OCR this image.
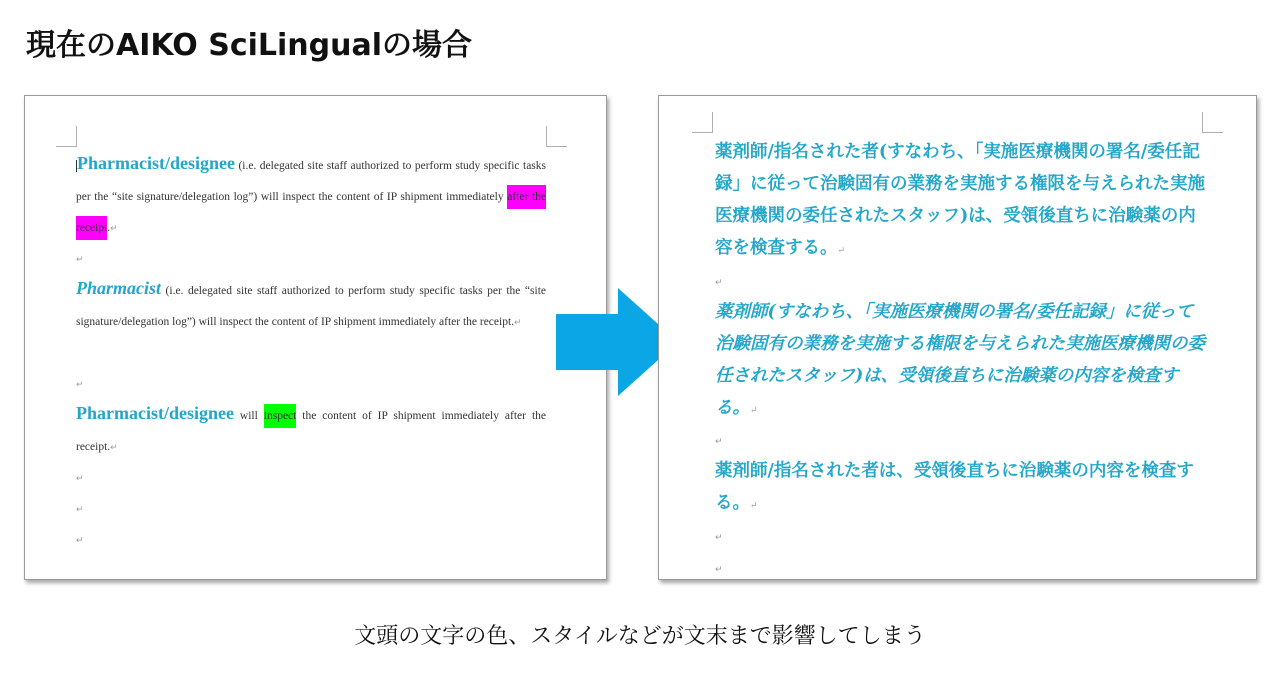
現在のAIKO SciLingualの場合
Pharmacist/designee (i.e. delegated site staff authorized to perform study specific tasks per the “site signature/delegation log”) will inspect the content of IP shipment immediately after the receipt.↵
↵
Pharmacist (i.e. delegated site staff authorized to perform study specific tasks per the “site signature/delegation log”) will inspect the content of IP shipment immediately after the receipt.↵
↵
Pharmacist/designee will inspect the content of IP shipment immediately after the receipt.↵
↵
↵
↵
薬剤師/指名された者(すなわち、「実施医療機関の署名/委任記録」に従って治験固有の業務を実施する権限を与えられた実施医療機関の委任されたスタッフ)は、受領後直ちに治験薬の内容を検査する。↵
↵
薬剤師(すなわち、「実施医療機関の署名/委任記録」に従って治験固有の業務を実施する権限を与えられた実施医療機関の委任されたスタッフ)は、受領後直ちに治験薬の内容を検査する。↵
↵
薬剤師/指名された者は、受領後直ちに治験薬の内容を検査する。↵
↵
↵
文頭の文字の色、スタイルなどが文末まで影響してしまう
